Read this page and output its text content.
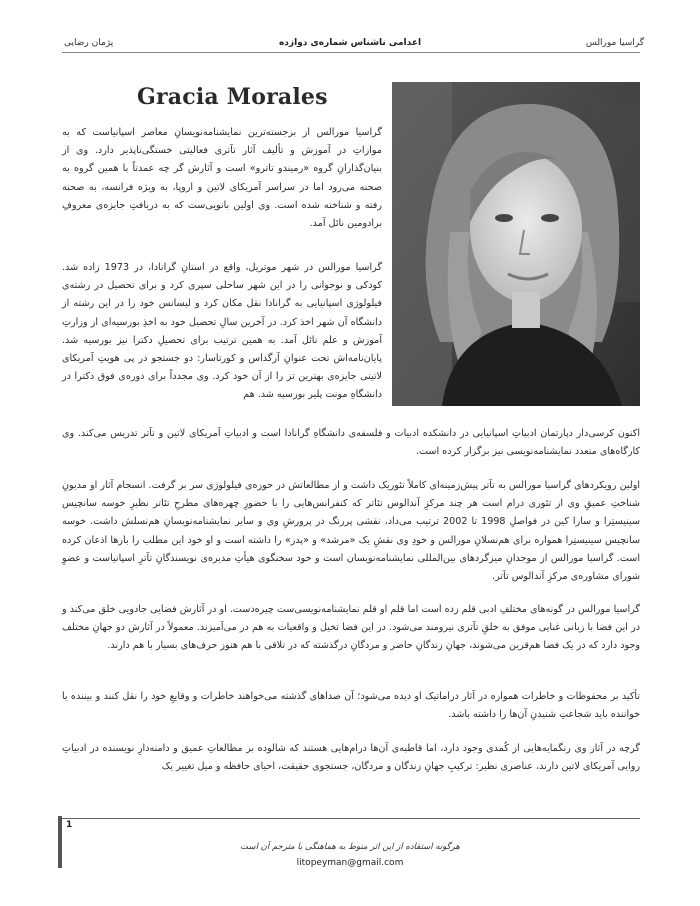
گراسیا مورالس
اعدامی ناشناس شماره‌ی دوازده
پژمان رضایی
Gracia Morales

گراسیا مورالس از برجسته‌ترین نمایشنامه‌نویسانِ معاصر اسپانیاست که به موازاتِ در آموزش و تألیف آثار تآتری فعالیتی خستگی‌ناپذیر دارد. وی از بنیان‌گذارانِ گروه «رمیندو تاترو» است و آثارش گر چه عمدتاً با همین گروه به صحنه می‌رود اما در سراسر آمریکای لاتین و اروپا، به ویژه فرانسه، به صحنه رفته و شناخته شده است. وی اولین بانویی‌ست که به دریافتِ جایزه‌ی معروفِ برادومین نائل آمد.

گراسیا مورالس در شهر موتریل، واقع در استانِ گرانادا، در 1973 زاده شد. کودکی و نوجوانی را در این شهر ساحلی سپری کرد و برای تحصیل در رشته‌ی فیلولوژی اسپانیایی به گرانادا نقل مکان کرد و لیسانس خود را در این رشته از دانشگاه آن شهر اخذ کرد. در آخرین سالِ تحصیل خود به اخذِ بورسیه‌ای از وزارتِ آموزش و علم نائل آمد. به همین ترتیب برای تحصیلِ دکترا نیز بورسیه شد. پایان‌نامه‌اش تحت عنوانِ آرگداس و کورتاسار: دو جستجو در پی هویتِ آمریکای لاتینی جایزه‌ی بهترین تز را از آن خود کرد. وی مجدداً برای دوره‌ی فوق دکترا در دانشگاهِ مونت پلیر بورسیه شد. هم

اکنون کرسی‌دار دپارتمان ادبیاتِ اسپانیایی در دانشکده ادبیات و فلسفه‌ی دانشگاهِ گرانادا است و ادبیاتِ آمریکای لاتین و تآتر تدریس می‌کند. وی کارگاه‌های متعدد نمایشنامه‌نویسی نیز برگزار کرده است.

اولین رویکردهای گراسیا مورالس به تآتر پیش‌زمینه‌ای کاملاً تئوریک داشت و از مطالعاتش در حوزه‌ی فیلولوژی سر بر گرفت. انسجام آثار او مدیونِ شناختِ عمیقِ وی از تئوری درام است هر چند مرکزِ آندالوس تئاتر که کنفرانس‌هایی را با حضورِ چهره‌های مطرحِ تئاتر نظیرِ خوسه سانچیس سینیستِرا و سارا کین در فواصلِ 1998 تا 2002 ترتیب می‌داد، نقشی پررنگ در پرورشِ وی و سایر نمایشنامه‌نویسانِ هم‌نسلش داشت. خوسه سانچیس سینیستِرا همواره برای هم‌نسلانِ مورالس و خودِ وی نقشِ یک «مرشد» و «پدر» را داشته است و او خود این مطلب را بارها اذعان کرده است. گراسیا مورالس از موجدانِ میزگردهای بین‌المللی نمایشنامه‌نویسان است و خود سخنگوی هیأتِ مدیره‌ی نویسندگانِ تآترِ اسپانیاست و عضوِ شورای مشاوره‌ی مرکزِ آندالوس تآتر.

گراسیا مورالس در گونه‌های مختلفِ ادبی قلم زده است اما قلم او قلم نمایشنامه‌نویسی‌ست چیره‌دست. او در آثارش فضایی جادویی خلق می‌کند و در این فضا با زبانی غنایی موفق به خلقِ تآتری نیرومند می‌شود. در این فضا تخیل و واقعیات به هم در می‌آمیزند. معمولاً در آثارش دو جهانِ مختلف وجود دارد که در یک فضا هم‌قرین می‌شوند، جهانِ زندگانِ حاضر و مردگانِ درگذشته که در تلاقی با هم هنوز حرف‌های بسیار با هم دارند.

تأکید بر محفوظات و خاطرات همواره در آثار دراماتیک او دیده می‌شود؛ آن صداهای گذشته می‌خواهند خاطرات و وقایعِ خود را نقل کنند و بیننده یا خواننده باید شجاعتِ شنیدنِ آن‌ها را داشته باشد.

گرچه در آثار وی رنگمایه‌هایی از کُمدی وجود دارد، اما قاطبه‌ی آن‌ها درام‌هایی هستند که شالوده بر مطالعاتِ عمیق و دامنه‌دارِ نویسنده در ادبیاتِ روایی آمریکای لاتین دارند، عناصری نظیر: ترکیبِ جهانِ زندگان و مردگان، جستجوی حقیقت، احیای حافظه و میل تغییر یک

1
هرگونه استفاده از این اثر منوط به هماهنگی با مترجم آن است
litopeyman@gmail.com
